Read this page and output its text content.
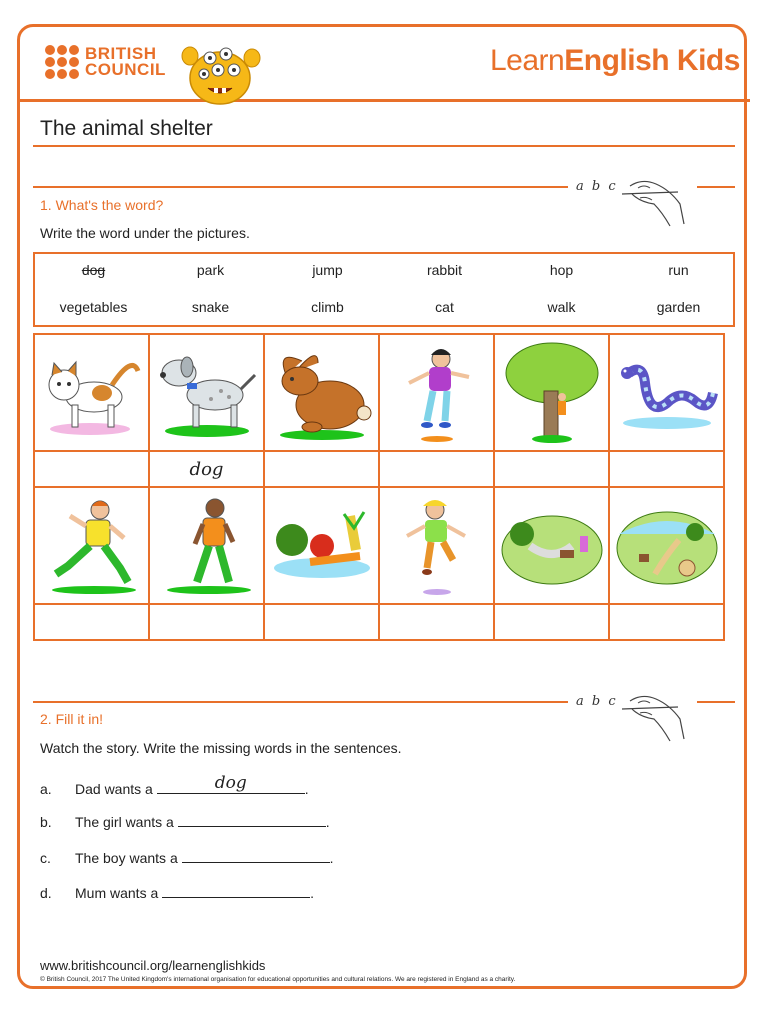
BRITISH
COUNCIL	LearnEnglish Kids
The animal shelter
a b c
1. What's the word?
Write the word under the pictures.
dog	park	jump	rabbit	hop	run
vegetables	snake	climb	cat	walk	garden

	dog				

a b c
2. Fill it in!
Watch the story. Write the missing words in the sentences.
a.	Dad wants a
	dog	.
b.	The girl wants a
	.
c.	The boy wants a
	.
d.	Mum wants a
	.
www.britishcouncil.org/learnenglishkids
© British Council, 2017 The United Kingdom's international organisation for educational opportunities and cultural relations. We are registered in England as a charity.
